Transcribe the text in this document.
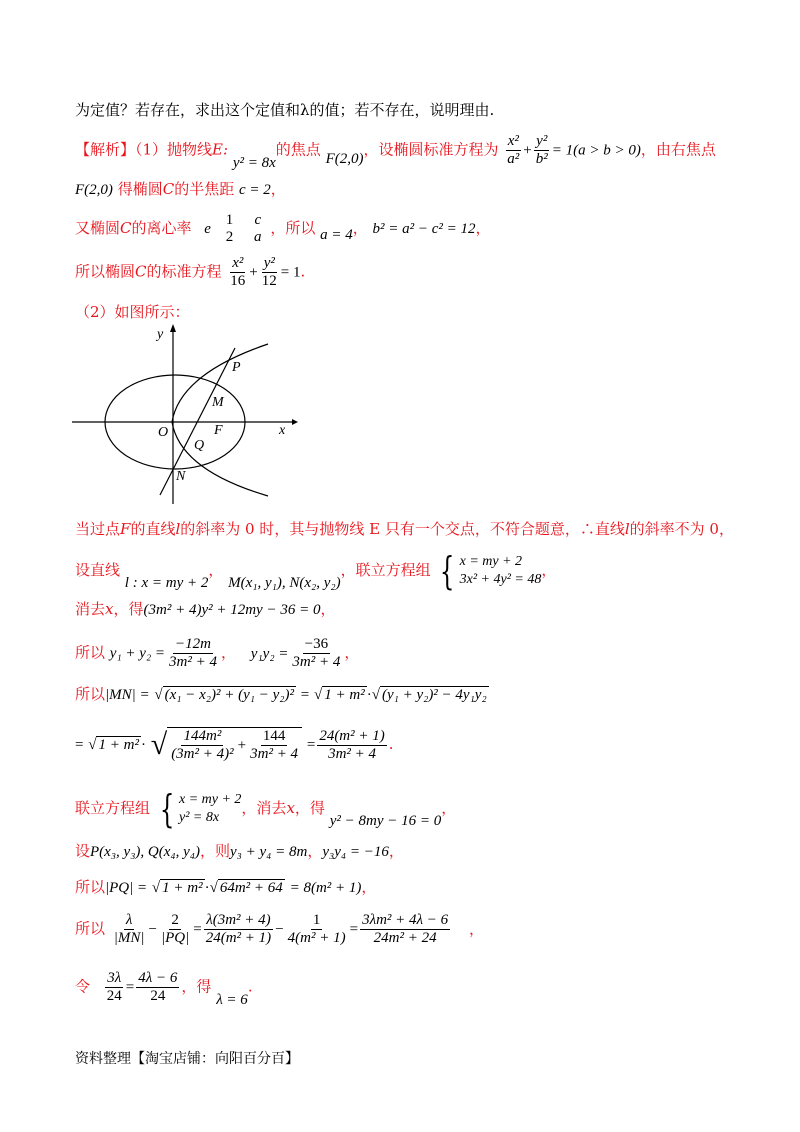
为定值？若存在，求出这个定值和λ的值；若不存在，说明理由.
【解析】（1）抛物线E: y² = 8x的焦点 F(2,0)，设椭圆标准方程为 $\frac{\text{x²}}{\text{a²}} + \frac{\text{y²}}{\text{b²}} = 1(a > b > 0)$，由右焦点
F(2,0) 得椭圆C的半焦距 c = 2，
又椭圆C的离心率 e
1
2

c
a ，所以 a = 4， b² = a² − c² = 12，
所以椭圆C的标准方程 $\frac{\text{x²}}{16} + \frac{\text{y²}}{12} = 1$.
（2）如图所示：
y
x
O	F
P
M
Q
N
当过点F的直线l的斜率为 0 时，其与抛物线 E 只有一个交点，不符合题意，∴直线l的斜率不为 0，
设直线 l : x = my + 2， M(x₁, y₁), N(x₂, y₂)，联立方程组 { x = my + 2
3x² + 4y² = 48
，
消去x，得(3m² + 4)y² + 12my − 36 = 0，
所以 $y_1 + y_2 = \frac{-12m}{\text{3m² + 4}}$ ， $y_1y_2 = \frac{-36}{\text{3m² + 4}}$ ，
所以|MN| = √ (x₁ − x₂)² + (y₁ − y₂)² = √ 1 + m² ·√ (y₁ + y₂)² − 4y₁y₂
= √ 1 + m² · √ $\frac{\text{144m²}}{\text{(3m² + 4)²}} + \frac{144}{\text{3m² + 4}} = \frac{\text{24(m² + 1)}}{\text{3m² + 4}}$ .
联立方程组 { x = my + 2
y² = 8x
，消去x，得 y² − 8my − 16 = 0，
设P(x₃, y₃), Q(x₄, y₄)，则y₃ + y₄ = 8m，y₃y₄ = −16，
所以|PQ| = √ 1 + m² ·√ 64m² + 64 = 8(m² + 1)，
所以 $\frac{\lambda}{|MN|} - \frac{2}{|PQ|} = \frac{\text{λ(3m² + 4)}}{\text{24(m² + 1)}} - \frac{1}{\text{4(m² + 1)}} = \frac{\text{3λm² + 4λ − 6}}{\text{24m² + 24}}$ ，
令 $\frac{3\lambda}{24} = \frac{4\lambda - 6}{24}$ ，得 λ = 6.
资料整理【淘宝店铺：向阳百分百】
